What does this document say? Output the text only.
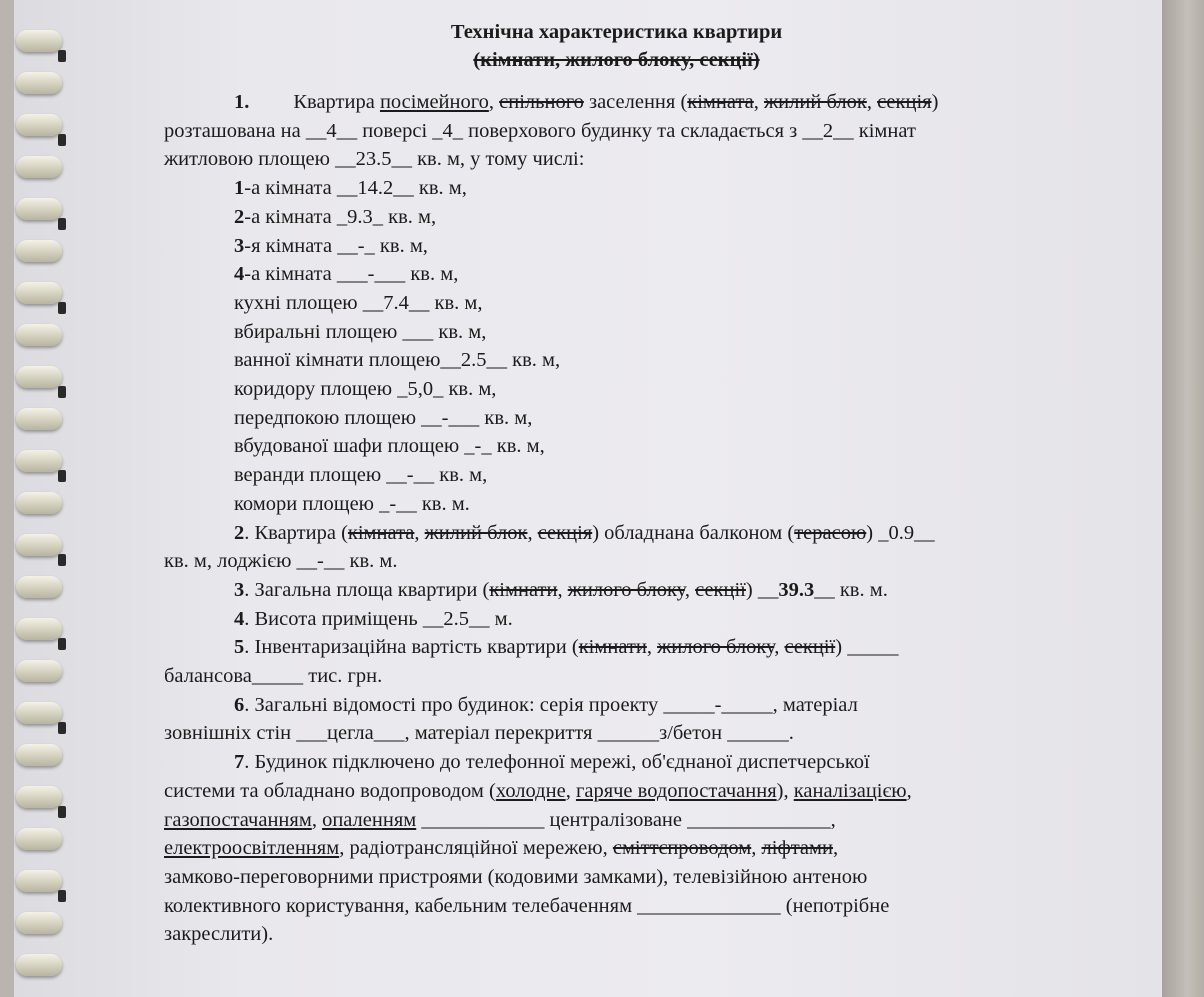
Технічна характеристика квартири
(кімнати, жилого блоку, секції)
1. Квартира посімейного, спільного заселення (кімната, жилий блок, секція)
розташована на __4__ поверсі _4_ поверхового будинку та складається з __2__ кімнат
житловою площею __23.5__ кв. м, у тому числі:
1-а кімната __14.2__ кв. м,
2-а кімната _9.3_ кв. м,
3-я кімната __-_ кв. м,
4-а кімната ___-___ кв. м,
кухні площею __7.4__ кв. м,
вбиральні площею ___ кв. м,
ванної кімнати площею__2.5__ кв. м,
коридору площею _5,0_ кв. м,
передпокою площею __-___ кв. м,
вбудованої шафи площею _-_ кв. м,
веранди площею __-__ кв. м,
комори площею _-__ кв. м.
2. Квартира (кімната, жилий блок, секція) обладнана балконом (терасою) _0.9__
кв. м, лоджією __-__ кв. м.
3. Загальна площа квартири (кімнати, жилого блоку, секції) __39.3__ кв. м.
4. Висота приміщень __2.5__ м.
5. Інвентаризаційна вартість квартири (кімнати, жилого блоку, секції) _____
балансова_____ тис. грн.
6. Загальні відомості про будинок: серія проекту _____-_____, матеріал
зовнішніх стін ___цегла___, матеріал перекриття ______з/бетон ______.
7. Будинок підключено до телефонної мережі, об'єднаної диспетчерської
системи та обладнано водопроводом (холодне, гаряче водопостачання), каналізацією,
газопостачанням, опаленням ____________ централізоване ______________,
електроосвітленням, радіотрансляційної мережею, сміттєпроводом, ліфтами,
замково-переговорними пристроями (кодовими замками), телевізійною антеною
колективного користування, кабельним телебаченням ______________ (непотрібне
закреслити).
